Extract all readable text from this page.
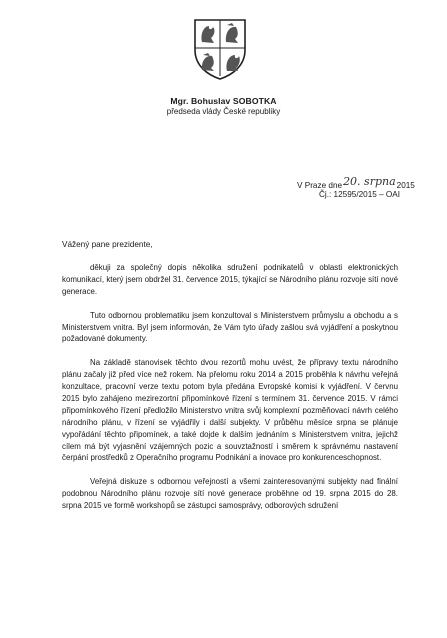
Mgr. Bohuslav SOBOTKA
předseda vlády České republiky
V Praze dne20. srpna2015
Čj.: 12595/2015 – OAI
Vážený pane prezidente,

děkuji za společný dopis několika sdružení podnikatelů v oblasti elektronických komunikací, který jsem obdržel 31. července 2015, týkající se Národního plánu rozvoje sítí nové generace.

Tuto odbornou problematiku jsem konzultoval s Ministerstvem průmyslu a obchodu a s Ministerstvem vnitra. Byl jsem informován, že Vám tyto úřady zašlou svá vyjádření a poskytnou požadované dokumenty.

Na základě stanovisek těchto dvou rezortů mohu uvést, že přípravy textu národního plánu začaly již před více než rokem. Na přelomu roku 2014 a 2015 proběhla k návrhu veřejná konzultace, pracovní verze textu potom byla předána Evropské komisi k vyjádření. V červnu 2015 bylo zahájeno mezirezortní připomínkové řízení s termínem 31. července 2015. V rámci připomínkového řízení předložilo Ministerstvo vnitra svůj komplexní pozměňovací návrh celého národního plánu, v řízení se vyjádřily i další subjekty. V průběhu měsíce srpna se plánuje vypořádání těchto připomínek, a také dojde k dalším jednáním s Ministerstvem vnitra, jejichž cílem má být vyjasnění vzájemných pozic a souvztažností i směrem k správnému nastavení čerpání prostředků z Operačního programu Podnikání a inovace pro konkurenceschopnost.

Veřejná diskuze s odbornou veřejností a všemi zainteresovanými subjekty nad finální podobnou Národního plánu rozvoje sítí nové generace proběhne od 19. srpna 2015 do 28. srpna 2015 ve formě workshopů se zástupci samosprávy, odborových sdružení
